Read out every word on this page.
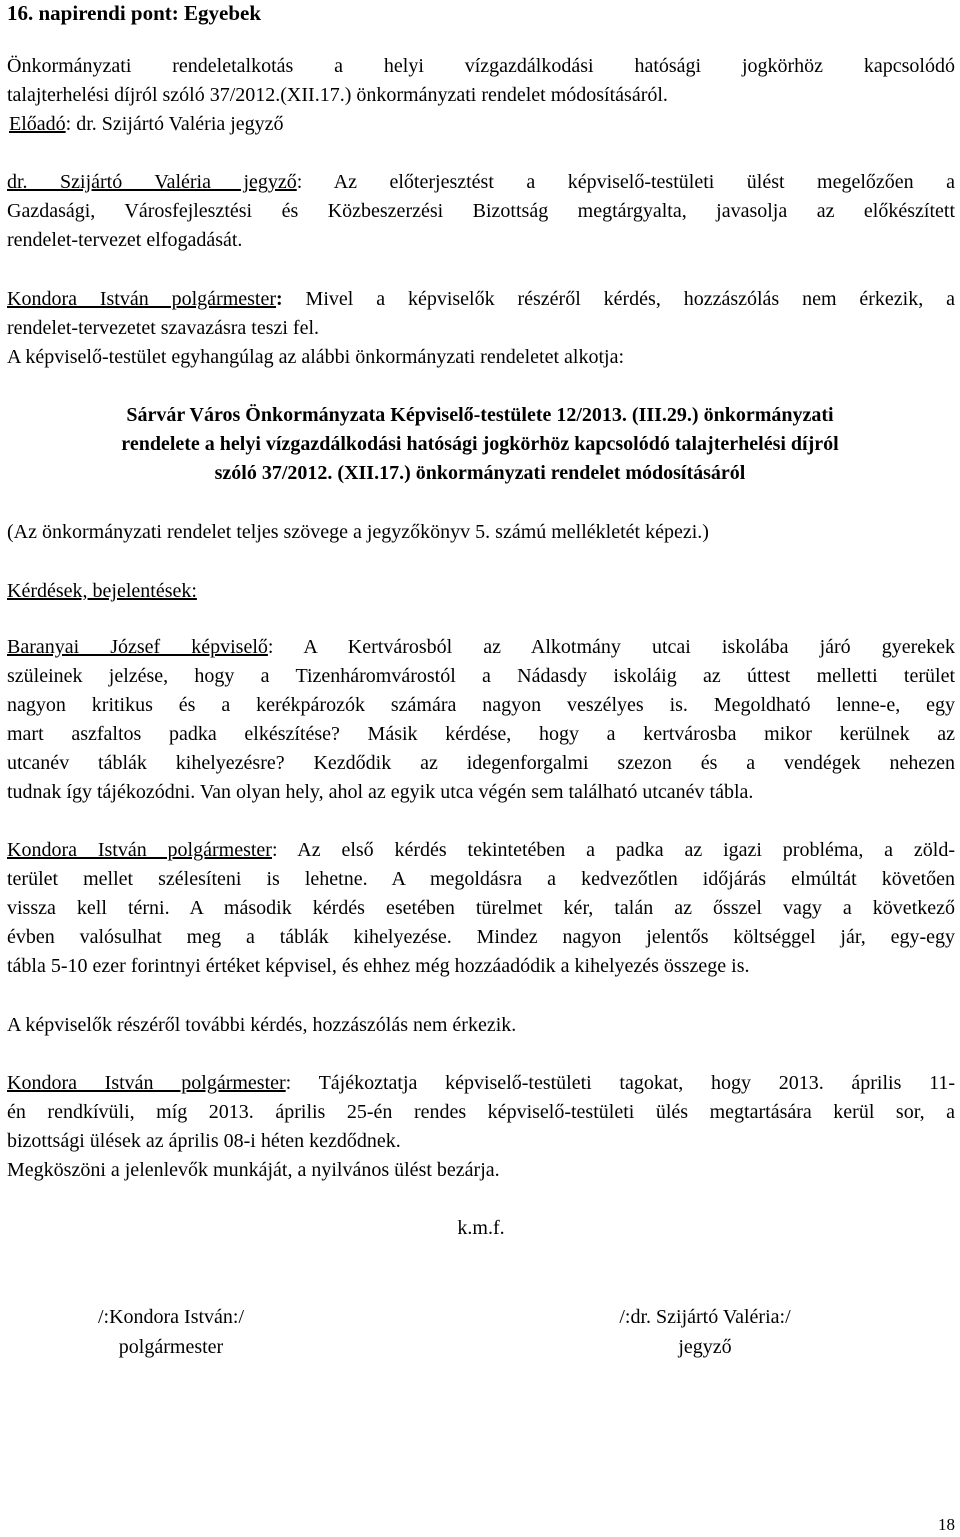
16. napirendi pont: Egyebek
Önkormányzati rendeletalkotás a helyi vízgazdálkodási hatósági jogkörhöz kapcsolódó
talajterhelési díjról szóló 37/2012.(XII.17.) önkormányzati rendelet módosításáról.
Előadó: dr. Szijártó Valéria jegyző
dr. Szijártó Valéria jegyző: Az előterjesztést a képviselő-testületi ülést megelőzően a
Gazdasági, Városfejlesztési és Közbeszerzési Bizottság megtárgyalta, javasolja az előkészített
rendelet-tervezet elfogadását.
Kondora István polgármester: Mivel a képviselők részéről kérdés, hozzászólás nem érkezik, a
rendelet-tervezetet szavazásra teszi fel.
A képviselő-testület egyhangúlag az alábbi önkormányzati rendeletet alkotja:
Sárvár Város Önkormányzata Képviselő-testülete 12/2013. (III.29.) önkormányzati
rendelete a helyi vízgazdálkodási hatósági jogkörhöz kapcsolódó talajterhelési díjról
szóló 37/2012. (XII.17.) önkormányzati rendelet módosításáról
(Az önkormányzati rendelet teljes szövege a jegyzőkönyv 5. számú mellékletét képezi.)
Kérdések, bejelentések:
Baranyai József képviselő: A Kertvárosból az Alkotmány utcai iskolába járó gyerekek
szüleinek jelzése, hogy a Tizenháromvárostól a Nádasdy iskoláig az úttest melletti terület
nagyon kritikus és a kerékpározók számára nagyon veszélyes is. Megoldható lenne-e, egy
mart aszfaltos padka elkészítése? Másik kérdése, hogy a kertvárosba mikor kerülnek az
utcanév táblák kihelyezésre? Kezdődik az idegenforgalmi szezon és a vendégek nehezen
tudnak így tájékozódni. Van olyan hely, ahol az egyik utca végén sem található utcanév tábla.
Kondora István polgármester: Az első kérdés tekintetében a padka az igazi probléma, a zöld-
terület mellet szélesíteni is lehetne. A megoldásra a kedvezőtlen időjárás elmúltát követően
vissza kell térni. A második kérdés esetében türelmet kér, talán az ősszel vagy a következő
évben valósulhat meg a táblák kihelyezése. Mindez nagyon jelentős költséggel jár, egy-egy
tábla 5-10 ezer forintnyi értéket képvisel, és ehhez még hozzáadódik a kihelyezés összege is.
A képviselők részéről további kérdés, hozzászólás nem érkezik.
Kondora István polgármester: Tájékoztatja képviselő-testületi tagokat, hogy 2013. április 11-
én rendkívüli, míg 2013. április 25-én rendes képviselő-testületi ülés megtartására kerül sor, a
bizottsági ülések az április 08-i héten kezdődnek.
Megköszöni a jelenlevők munkáját, a nyilvános ülést bezárja.
k.m.f.
/:Kondora István:/
polgármester
/:dr. Szijártó Valéria:/
jegyző
18
